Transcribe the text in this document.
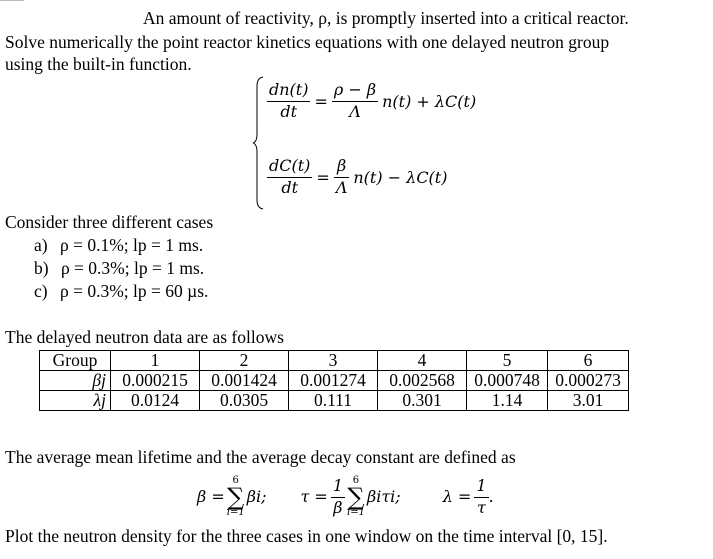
An amount of reactivity, ρ, is promptly inserted into a critical reactor.
Solve numerically the point reactor kinetics equations with one delayed neutron group
using the built-in function.
$\frac{dn(t)}{dt} = \frac{\rho - \beta}{\Lambda} n(t) + \lambda C(t)$
$\frac{dC(t)}{dt} = \frac{\beta}{\Lambda} n(t) - \lambda C(t)$
Consider three different cases
a) ρ = 0.1%; lp = 1 ms.
b) ρ = 0.3%; lp = 1 ms.
c) ρ = 0.3%; lp = 60 µs.
The delayed neutron data are as follows
Group	1	2	3	4	5	6
βj	0.000215	0.001424	0.001274	0.002568	0.000748	0.000273
λj	0.0124	0.0305	0.111	0.301	1.14	3.01
The average mean lifetime and the average decay constant are defined as
β =
6
∑
i=1
βi; $\tau = \frac{1}{\beta} 6$
∑
i=1
βiτi;	$\lambda = \frac{1}{\tau}$ .
Plot the neutron density for the three cases in one window on the time interval [0, 15].
